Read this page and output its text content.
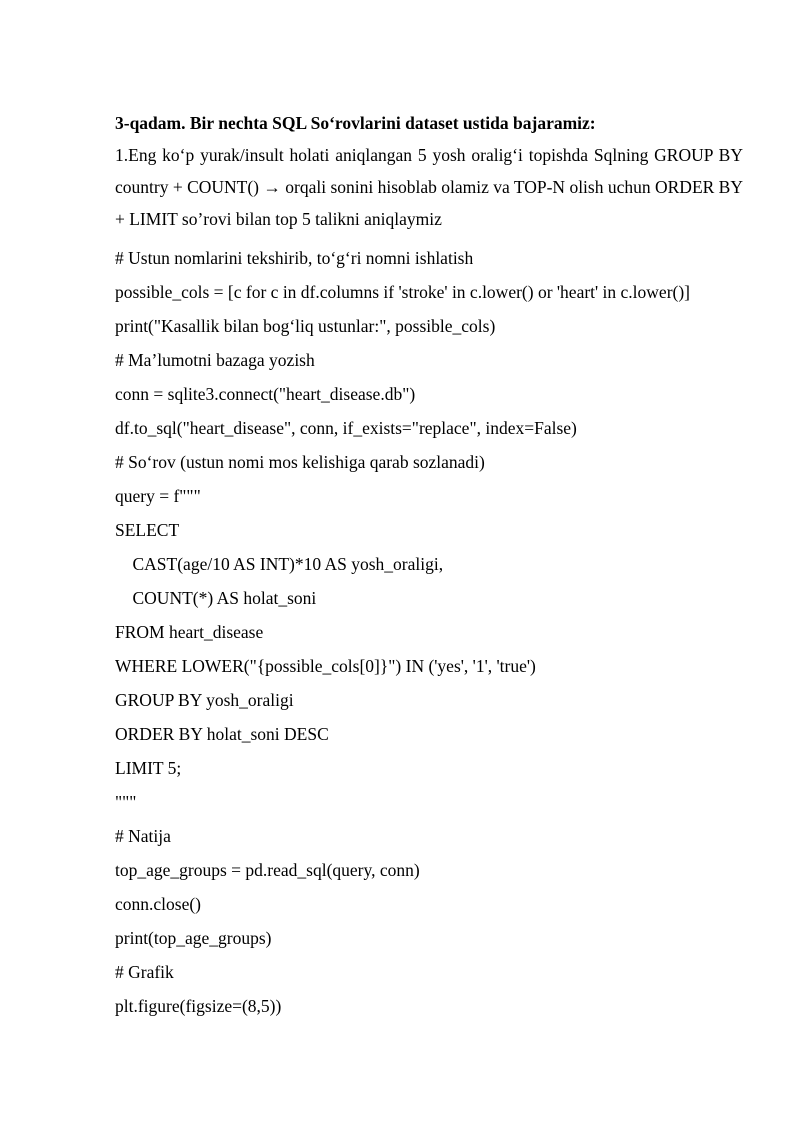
3-qadam. Bir nechta SQL So‘rovlarini dataset ustida bajaramiz:

1.Eng ko‘p yurak/insult holati aniqlangan 5 yosh oralig‘i topishda Sqlning GROUP BY country + COUNT() → orqali sonini hisoblab olamiz va TOP-N olish uchun ORDER BY + LIMIT so’rovi bilan top 5 talikni aniqlaymiz

# Ustun nomlarini tekshirib, to‘g‘ri nomni ishlatish
possible_cols = [c for c in df.columns if 'stroke' in c.lower() or 'heart' in c.lower()]
print("Kasallik bilan bog‘liq ustunlar:", possible_cols)
# Ma’lumotni bazaga yozish
conn = sqlite3.connect("heart_disease.db")
df.to_sql("heart_disease", conn, if_exists="replace", index=False)
# So‘rov (ustun nomi mos kelishiga qarab sozlanadi)
query = f"""
SELECT
CAST(age/10 AS INT)*10 AS yosh_oraligi,
COUNT(*) AS holat_soni
FROM heart_disease
WHERE LOWER("{possible_cols[0]}") IN ('yes', '1', 'true')
GROUP BY yosh_oraligi
ORDER BY holat_soni DESC
LIMIT 5;
"""
# Natija
top_age_groups = pd.read_sql(query, conn)
conn.close()
print(top_age_groups)
# Grafik
plt.figure(figsize=(8,5))
